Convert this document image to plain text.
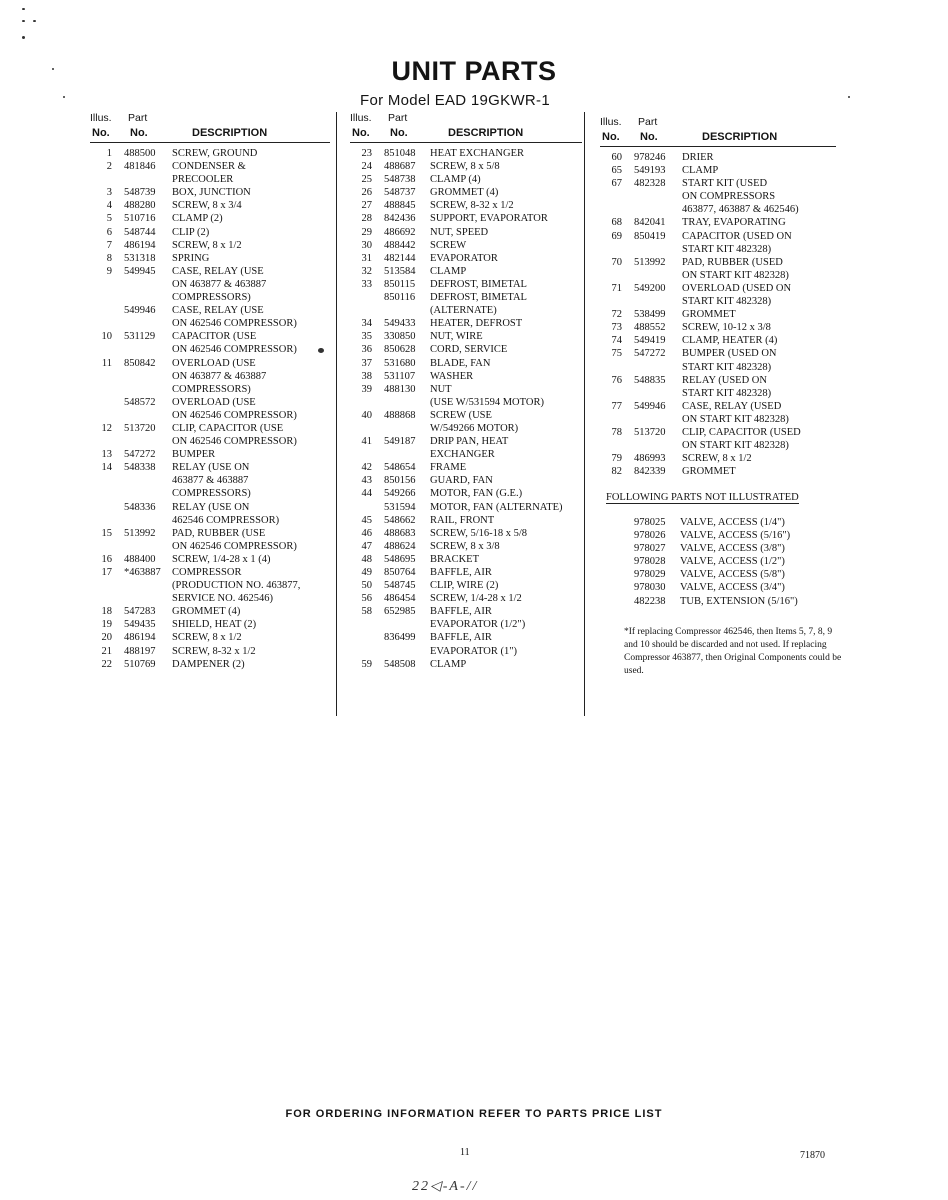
UNIT PARTS
For Model EAD 19GKWR-1
Illus. Part
No. No.	DESCRIPTION
1 488500 SCREW, GROUND
2 481846 CONDENSER &
PRECOOLER
3 548739 BOX, JUNCTION
4 488280 SCREW, 8 x 3/4
5 510716 CLAMP (2)
6 548744 CLIP (2)
7 486194 SCREW, 8 x 1/2
8 531318 SPRING
9 549945 CASE, RELAY (USE
ON 463877 & 463887
COMPRESSORS)
549946 CASE, RELAY (USE
ON 462546 COMPRESSOR)
10 531129 CAPACITOR (USE
ON 462546 COMPRESSOR)
11 850842 OVERLOAD (USE
ON 463877 & 463887
COMPRESSORS)
548572 OVERLOAD (USE
ON 462546 COMPRESSOR)
12 513720 CLIP, CAPACITOR (USE
ON 462546 COMPRESSOR)
13 547272 BUMPER
14 548338 RELAY (USE ON
463877 & 463887
COMPRESSORS)
548336 RELAY (USE ON
462546 COMPRESSOR)
15 513992 PAD, RUBBER (USE
ON 462546 COMPRESSOR)
16 488400 SCREW, 1/4-28 x 1 (4)
17 *463887 COMPRESSOR
(PRODUCTION NO. 463877,
SERVICE NO. 462546)
18 547283 GROMMET (4)
19 549435 SHIELD, HEAT (2)
20 486194 SCREW, 8 x 1/2
21 488197 SCREW, 8-32 x 1/2
22 510769 DAMPENER (2)
Illus. Part
No. No.	DESCRIPTION
23 851048 HEAT EXCHANGER
24 488687 SCREW, 8 x 5/8
25 548738 CLAMP (4)
26 548737 GROMMET (4)
27 488845 SCREW, 8-32 x 1/2
28 842436 SUPPORT, EVAPORATOR
29 486692 NUT, SPEED
30 488442 SCREW
31 482144 EVAPORATOR
32 513584 CLAMP
33 850115 DEFROST, BIMETAL
850116 DEFROST, BIMETAL
(ALTERNATE)
34 549433 HEATER, DEFROST
35 330850 NUT, WIRE
36 850628 CORD, SERVICE
37 531680 BLADE, FAN
38 531107 WASHER
39 488130 NUT
(USE W/531594 MOTOR)
40 488868 SCREW (USE
W/549266 MOTOR)
41 549187 DRIP PAN, HEAT
EXCHANGER
42 548654 FRAME
43 850156 GUARD, FAN
44 549266 MOTOR, FAN (G.E.)
531594 MOTOR, FAN (ALTERNATE)
45 548662 RAIL, FRONT
46 488683 SCREW, 5/16-18 x 5/8
47 488624 SCREW, 8 x 3/8
48 548695 BRACKET
49 850764 BAFFLE, AIR
50 548745 CLIP, WIRE (2)
56 486454 SCREW, 1/4-28 x 1/2
58 652985 BAFFLE, AIR
EVAPORATOR (1/2")
836499 BAFFLE, AIR
EVAPORATOR (1")
59 548508 CLAMP
Illus. Part
No. No.	DESCRIPTION
60 978246 DRIER
65 549193 CLAMP
67 482328 START KIT (USED
ON COMPRESSORS
463877, 463887 & 462546)
68 842041 TRAY, EVAPORATING
69 850419 CAPACITOR (USED ON
START KIT 482328)
70 513992 PAD, RUBBER (USED
ON START KIT 482328)
71 549200 OVERLOAD (USED ON
START KIT 482328)
72 538499 GROMMET
73 488552 SCREW, 10-12 x 3/8
74 549419 CLAMP, HEATER (4)
75 547272 BUMPER (USED ON
START KIT 482328)
76 548835 RELAY (USED ON
START KIT 482328)
77 549946 CASE, RELAY (USED
ON START KIT 482328)
78 513720 CLIP, CAPACITOR (USED
ON START KIT 482328)
79 486993 SCREW, 8 x 1/2
82 842339 GROMMET
FOLLOWING PARTS NOT ILLUSTRATED
978025 VALVE, ACCESS (1/4")
978026 VALVE, ACCESS (5/16")
978027 VALVE, ACCESS (3/8")
978028 VALVE, ACCESS (1/2")
978029 VALVE, ACCESS (5/8")
978030 VALVE, ACCESS (3/4")
482238 TUB, EXTENSION (5/16")
*If replacing Compressor 462546, then Items 5, 7, 8, 9 and 10 should be discarded and not used. If replacing Compressor 463877, then Original Components could be used.
FOR ORDERING INFORMATION REFER TO PARTS PRICE LIST
11	71870
22◁-A-//
